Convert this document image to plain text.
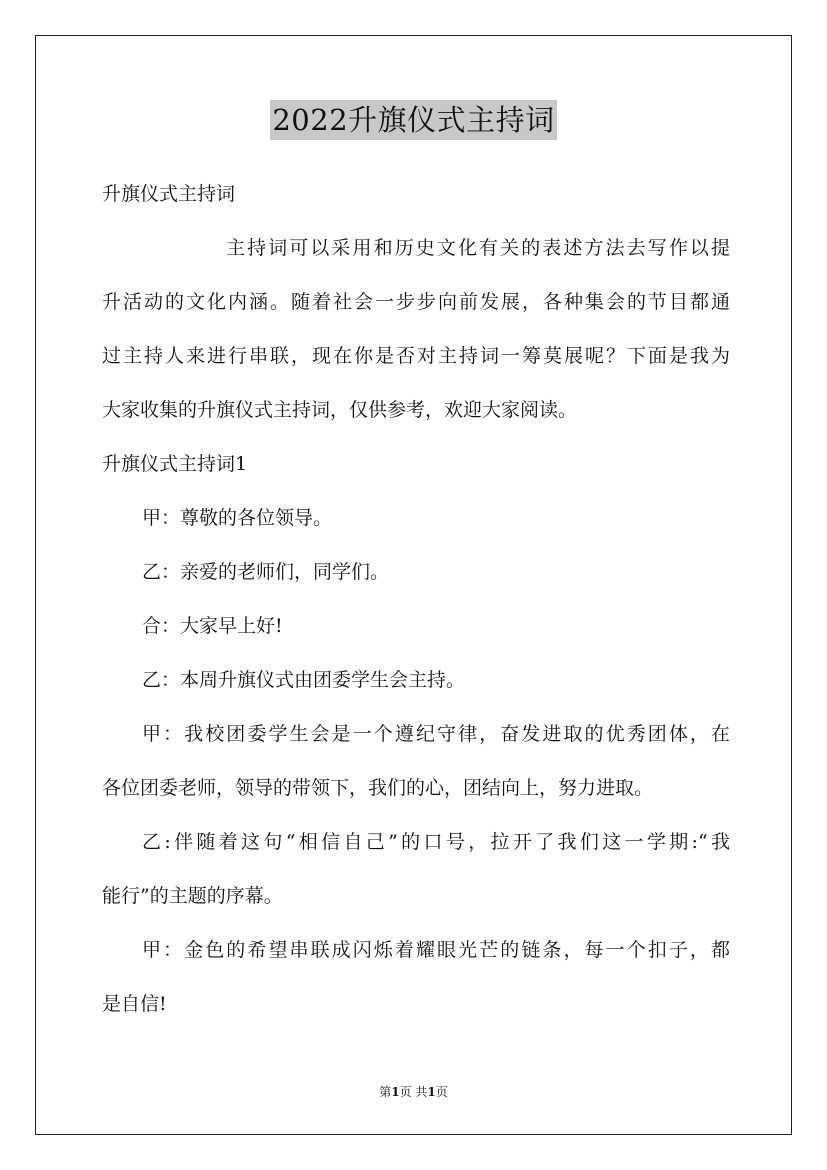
2022升旗仪式主持词
升旗仪式主持词
主持词可以采用和历史文化有关的表述方法去写作以提
升活动的文化内涵。随着社会一步步向前发展，各种集会的节目都通
过主持人来进行串联，现在你是否对主持词一筹莫展呢？下面是我为
大家收集的升旗仪式主持词，仅供参考，欢迎大家阅读。
升旗仪式主持词1
甲：尊敬的各位领导。
乙：亲爱的老师们，同学们。
合：大家早上好!
乙：本周升旗仪式由团委学生会主持。
甲：我校团委学生会是一个遵纪守律，奋发进取的优秀团体，在
各位团委老师，领导的带领下，我们的心，团结向上，努力进取。
乙:伴随着这句“相信自己”的口号，拉开了我们这一学期:“我
能行”的主题的序幕。
甲：金色的希望串联成闪烁着耀眼光芒的链条，每一个扣子，都
是自信!
第1页 共1页
